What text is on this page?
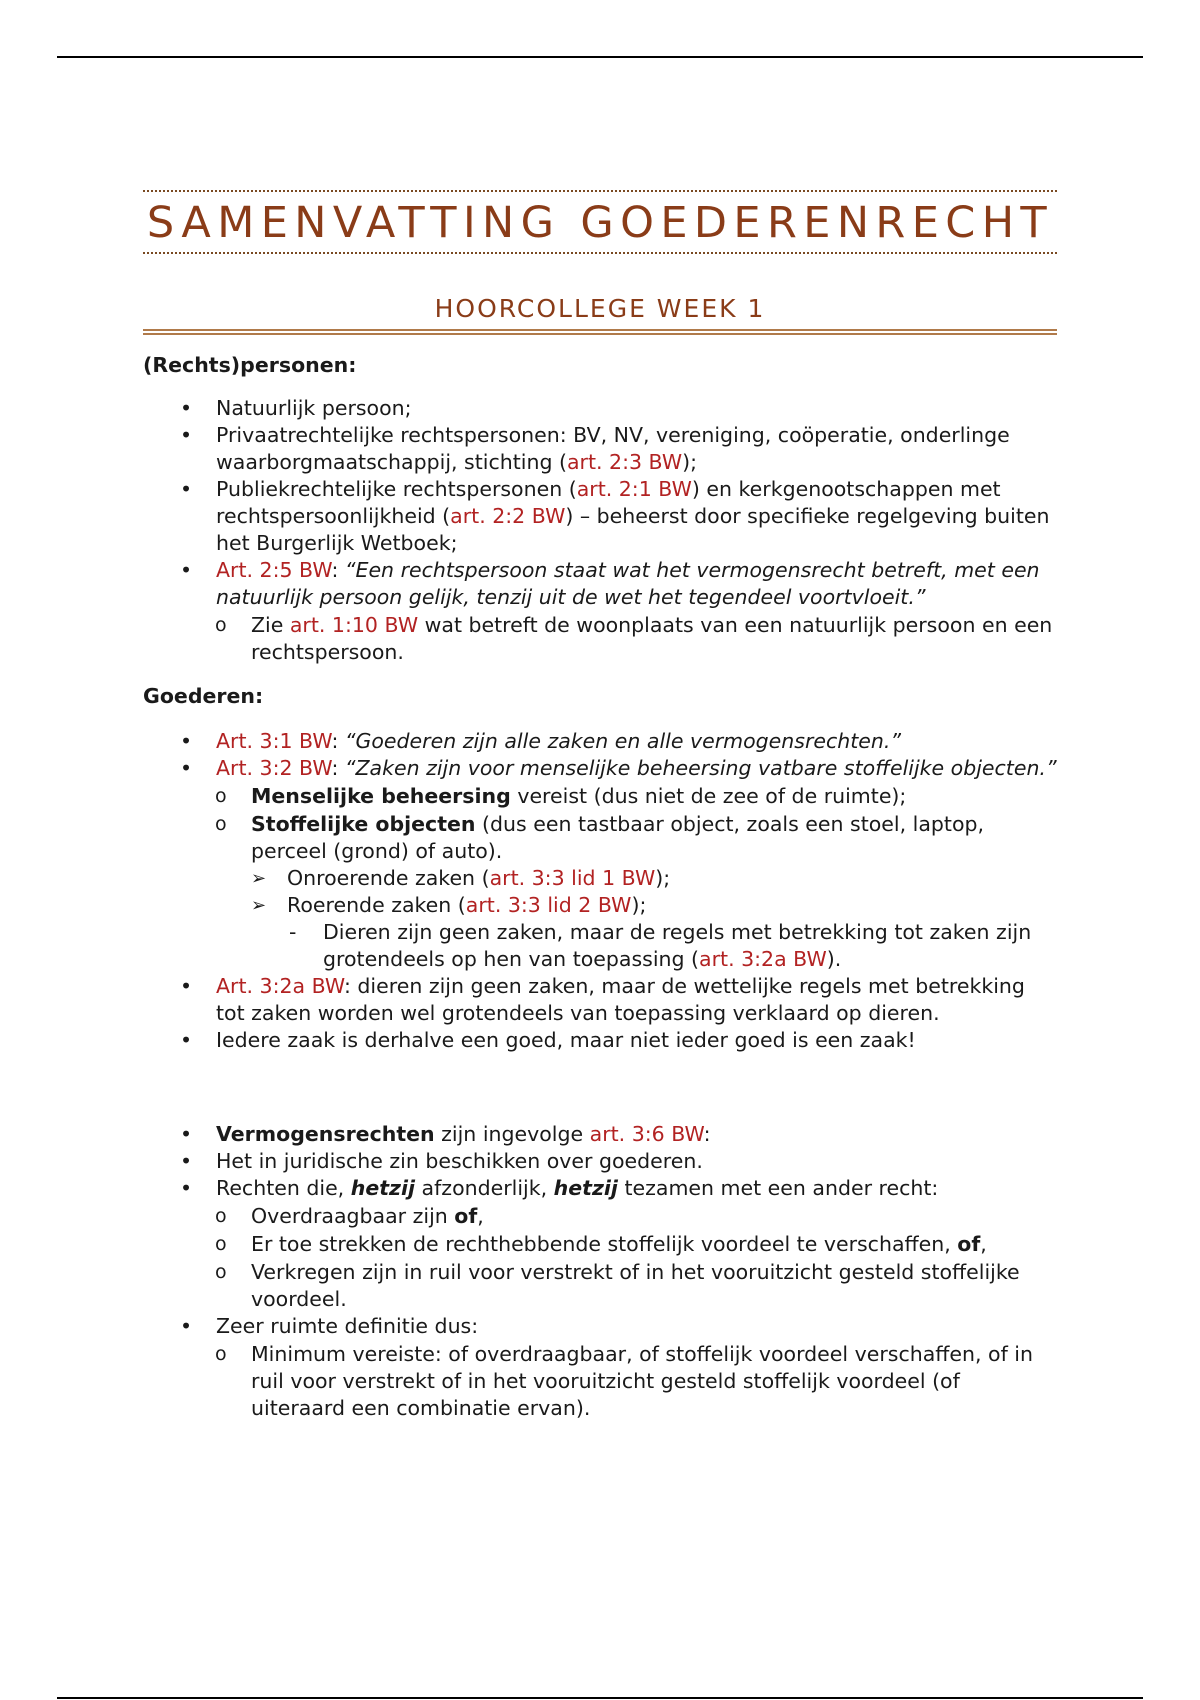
SAMENVATTING GOEDERENRECHT
HOORCOLLEGE WEEK 1

(Rechts)personen:

• Natuurlijk persoon;
• Privaatrechtelijke rechtspersonen: BV, NV, vereniging, coöperatie, onderlinge waarborgmaatschappij, stichting (art. 2:3 BW);
• Publiekrechtelijke rechtspersonen (art. 2:1 BW) en kerkgenootschappen met rechtspersoonlijkheid (art. 2:2 BW) – beheerst door specifieke regelgeving buiten het Burgerlijk Wetboek;
• Art. 2:5 BW: “Een rechtspersoon staat wat het vermogensrecht betreft, met een natuurlijk persoon gelijk, tenzij uit de wet het tegendeel voortvloeit.”
o Zie art. 1:10 BW wat betreft de woonplaats van een natuurlijk persoon en een rechtspersoon.

Goederen:

• Art. 3:1 BW: “Goederen zijn alle zaken en alle vermogensrechten.”
• Art. 3:2 BW: “Zaken zijn voor menselijke beheersing vatbare stoffelijke objecten.”
o Menselijke beheersing vereist (dus niet de zee of de ruimte);
o Stoffelijke objecten (dus een tastbaar object, zoals een stoel, laptop, perceel (grond) of auto).
➢ Onroerende zaken (art. 3:3 lid 1 BW);
➢ Roerende zaken (art. 3:3 lid 2 BW);
- Dieren zijn geen zaken, maar de regels met betrekking tot zaken zijn grotendeels op hen van toepassing (art. 3:2a BW).
• Art. 3:2a BW: dieren zijn geen zaken, maar de wettelijke regels met betrekking tot zaken worden wel grotendeels van toepassing verklaard op dieren.
• Iedere zaak is derhalve een goed, maar niet ieder goed is een zaak!
• Vermogensrechten zijn ingevolge art. 3:6 BW:
• Het in juridische zin beschikken over goederen.
• Rechten die, hetzij afzonderlijk, hetzij tezamen met een ander recht:
o Overdraagbaar zijn of,
o Er toe strekken de rechthebbende stoffelijk voordeel te verschaffen, of,
o Verkregen zijn in ruil voor verstrekt of in het vooruitzicht gesteld stoffelijke voordeel.
• Zeer ruimte definitie dus:
o Minimum vereiste: of overdraagbaar, of stoffelijk voordeel verschaffen, of in ruil voor verstrekt of in het vooruitzicht gesteld stoffelijk voordeel (of uiteraard een combinatie ervan).
